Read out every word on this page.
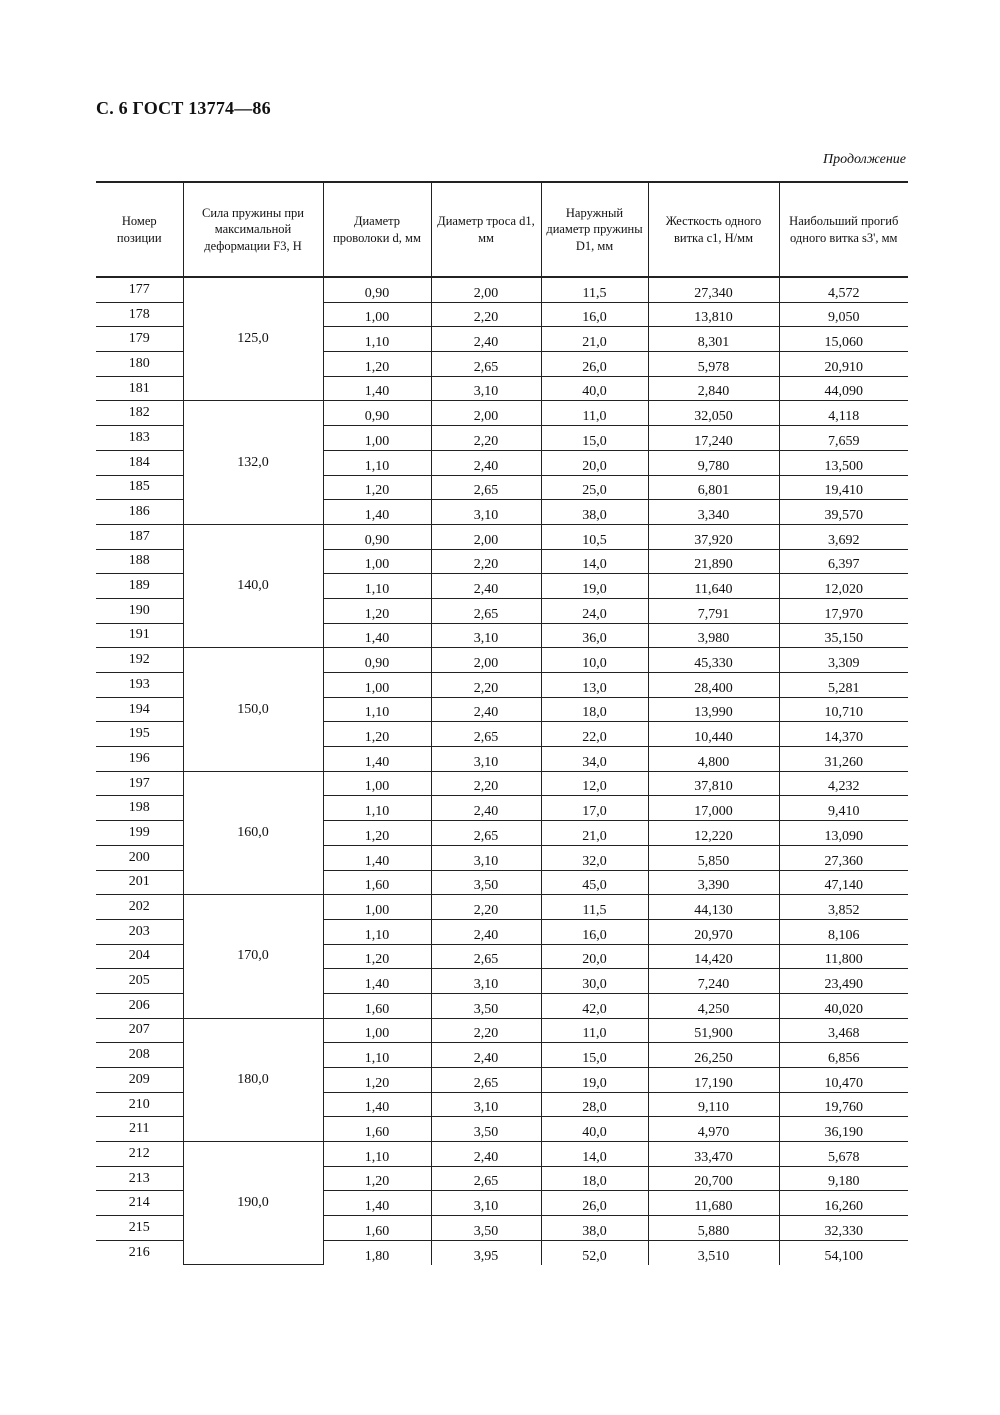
С. 6 ГОСТ 13774—86
Продолжение
Номер позиции	Сила пружины при максимальной деформации F3, Н	Диаметр проволоки d, мм	Диаметр троса d1, мм	Наружный диаметр пружины D1, мм	Жесткость одного витка c1, Н/мм	Наибольший прогиб одного витка s3', мм
177	125,0	0,90	2,00	11,5	27,340	4,572
178		1,00	2,20	16,0	13,810	9,050
179		1,10	2,40	21,0	8,301	15,060
180		1,20	2,65	26,0	5,978	20,910
181		1,40	3,10	40,0	2,840	44,090
182	132,0	0,90	2,00	11,0	32,050	4,118
183		1,00	2,20	15,0	17,240	7,659
184		1,10	2,40	20,0	9,780	13,500
185		1,20	2,65	25,0	6,801	19,410
186		1,40	3,10	38,0	3,340	39,570
187	140,0	0,90	2,00	10,5	37,920	3,692
188		1,00	2,20	14,0	21,890	6,397
189		1,10	2,40	19,0	11,640	12,020
190		1,20	2,65	24,0	7,791	17,970
191		1,40	3,10	36,0	3,980	35,150
192	150,0	0,90	2,00	10,0	45,330	3,309
193		1,00	2,20	13,0	28,400	5,281
194		1,10	2,40	18,0	13,990	10,710
195		1,20	2,65	22,0	10,440	14,370
196		1,40	3,10	34,0	4,800	31,260
197	160,0	1,00	2,20	12,0	37,810	4,232
198		1,10	2,40	17,0	17,000	9,410
199		1,20	2,65	21,0	12,220	13,090
200		1,40	3,10	32,0	5,850	27,360
201		1,60	3,50	45,0	3,390	47,140
202	170,0	1,00	2,20	11,5	44,130	3,852
203		1,10	2,40	16,0	20,970	8,106
204		1,20	2,65	20,0	14,420	11,800
205		1,40	3,10	30,0	7,240	23,490
206		1,60	3,50	42,0	4,250	40,020
207	180,0	1,00	2,20	11,0	51,900	3,468
208		1,10	2,40	15,0	26,250	6,856
209		1,20	2,65	19,0	17,190	10,470
210		1,40	3,10	28,0	9,110	19,760
211		1,60	3,50	40,0	4,970	36,190
212	190,0	1,10	2,40	14,0	33,470	5,678
213		1,20	2,65	18,0	20,700	9,180
214		1,40	3,10	26,0	11,680	16,260
215		1,60	3,50	38,0	5,880	32,330
216		1,80	3,95	52,0	3,510	54,100
